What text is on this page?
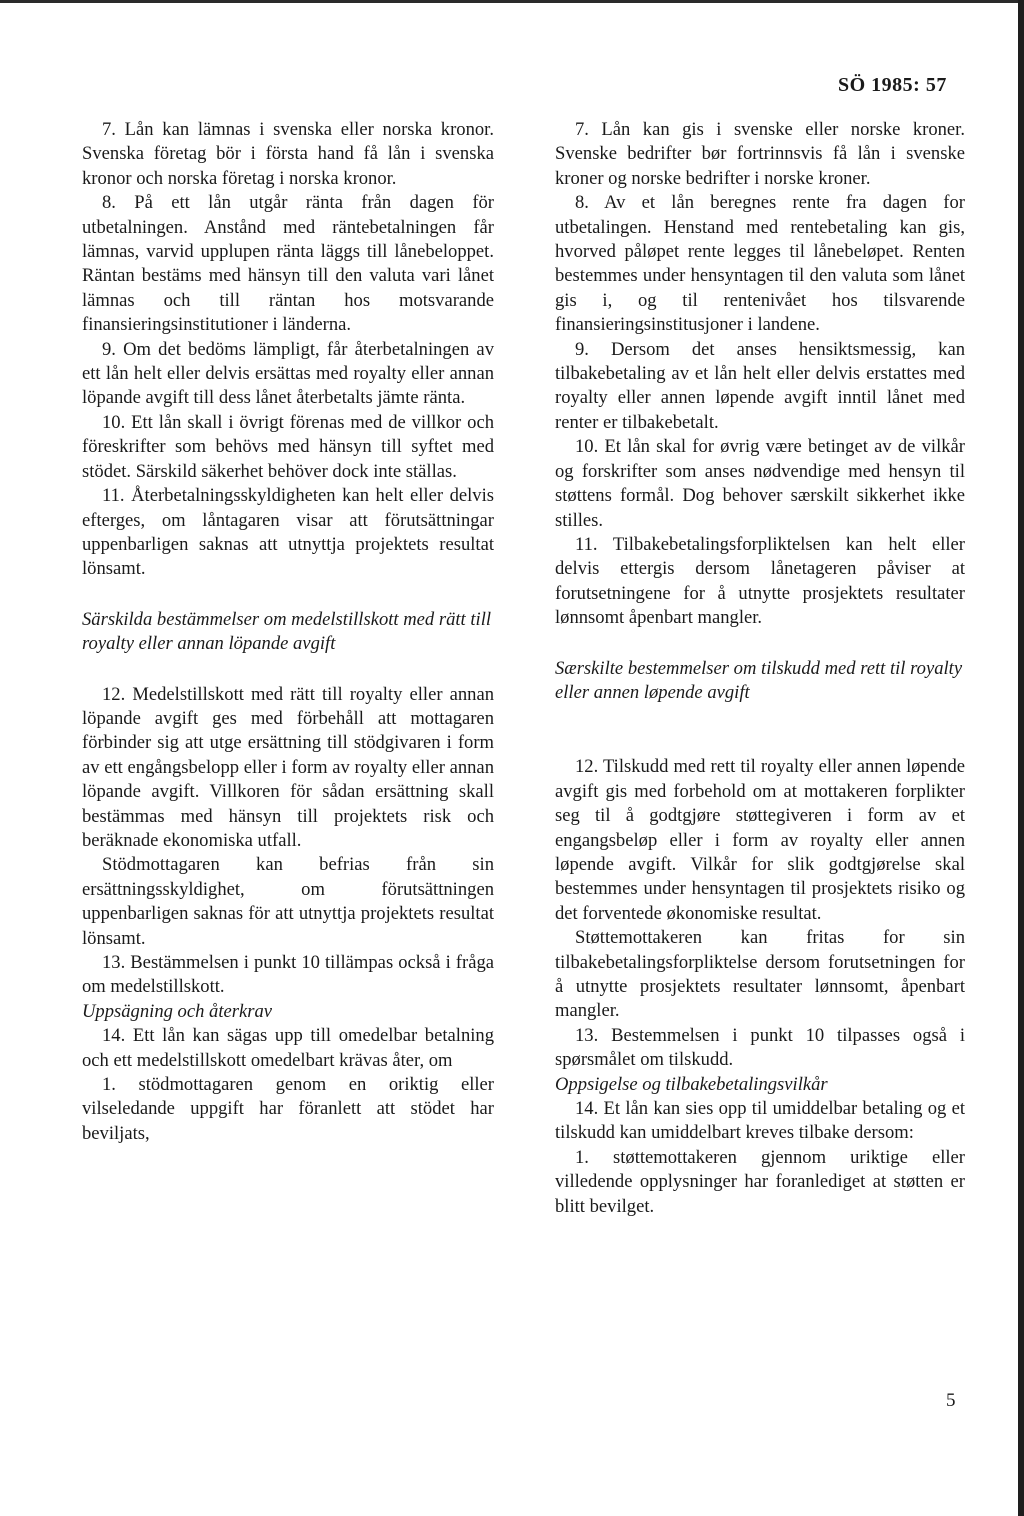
SÖ 1985: 57

7. Lån kan lämnas i svenska eller norska kronor. Svenska företag bör i första hand få lån i svenska kronor och norska företag i norska kronor.

8. På ett lån utgår ränta från dagen för utbetalningen. Anstånd med räntebetalningen får lämnas, varvid upplupen ränta läggs till lånebeloppet. Räntan bestäms med hänsyn till den valuta vari lånet lämnas och till räntan hos motsvarande finansieringsinstitutioner i länderna.

9. Om det bedöms lämpligt, får återbetalningen av ett lån helt eller delvis ersättas med royalty eller annan löpande avgift till dess lånet återbetalts jämte ränta.

10. Ett lån skall i övrigt förenas med de villkor och föreskrifter som behövs med hänsyn till syftet med stödet. Särskild säkerhet behöver dock inte ställas.

11. Återbetalningsskyldigheten kan helt eller delvis efterges, om låntagaren visar att förutsättningar uppenbarligen saknas att utnyttja projektets resultat lönsamt.

Särskilda bestämmelser om medelstillskott med rätt till royalty eller annan löpande avgift

12. Medelstillskott med rätt till royalty eller annan löpande avgift ges med förbehåll att mottagaren förbinder sig att utge ersättning till stödgivaren i form av ett engångsbelopp eller i form av royalty eller annan löpande avgift. Villkoren för sådan ersättning skall bestämmas med hänsyn till projektets risk och beräknade ekonomiska utfall.

Stödmottagaren kan befrias från sin ersättningsskyldighet, om förutsättningen uppenbarligen saknas för att utnyttja projektets resultat lönsamt.

13. Bestämmelsen i punkt 10 tillämpas också i fråga om medelstillskott.

Uppsägning och återkrav

14. Ett lån kan sägas upp till omedelbar betalning och ett medelstillskott omedelbart krävas åter, om

1. stödmottagaren genom en oriktig eller vilseledande uppgift har föranlett att stödet har beviljats,

7. Lån kan gis i svenske eller norske kroner. Svenske bedrifter bør fortrinnsvis få lån i svenske kroner og norske bedrifter i norske kroner.

8. Av et lån beregnes rente fra dagen for utbetalingen. Henstand med rentebetaling kan gis, hvorved påløpet rente legges til lånebeløpet. Renten bestemmes under hensyntagen til den valuta som lånet gis i, og til rentenivået hos tilsvarende finansieringsinstitusjoner i landene.

9. Dersom det anses hensiktsmessig, kan tilbakebetaling av et lån helt eller delvis erstattes med royalty eller annen løpende avgift inntil lånet med renter er tilbakebetalt.

10. Et lån skal for øvrig være betinget av de vilkår og forskrifter som anses nødvendige med hensyn til støttens formål. Dog behover særskilt sikkerhet ikke stilles.

11. Tilbakebetalingsforpliktelsen kan helt eller delvis ettergis dersom lånetageren påviser at forutsetningene for å utnytte prosjektets resultater lønnsomt åpenbart mangler.

Særskilte bestemmelser om tilskudd med rett til royalty eller annen løpende avgift

12. Tilskudd med rett til royalty eller annen løpende avgift gis med forbehold om at mottakeren forplikter seg til å godtgjøre støttegiveren i form av et engangsbeløp eller i form av royalty eller annen løpende avgift. Vilkår for slik godtgjørelse skal bestemmes under hensyntagen til prosjektets risiko og det forventede økonomiske resultat.

Støttemottakeren kan fritas for sin tilbakebetalingsforpliktelse dersom forutsetningen for å utnytte prosjektets resultater lønnsomt, åpenbart mangler.

13. Bestemmelsen i punkt 10 tilpasses også i spørsmålet om tilskudd.

Oppsigelse og tilbakebetalingsvilkår

14. Et lån kan sies opp til umiddelbar betaling og et tilskudd kan umiddelbart kreves tilbake dersom:

1. støttemottakeren gjennom uriktige eller villedende opplysninger har foranlediget at støtten er blitt bevilget.

5
